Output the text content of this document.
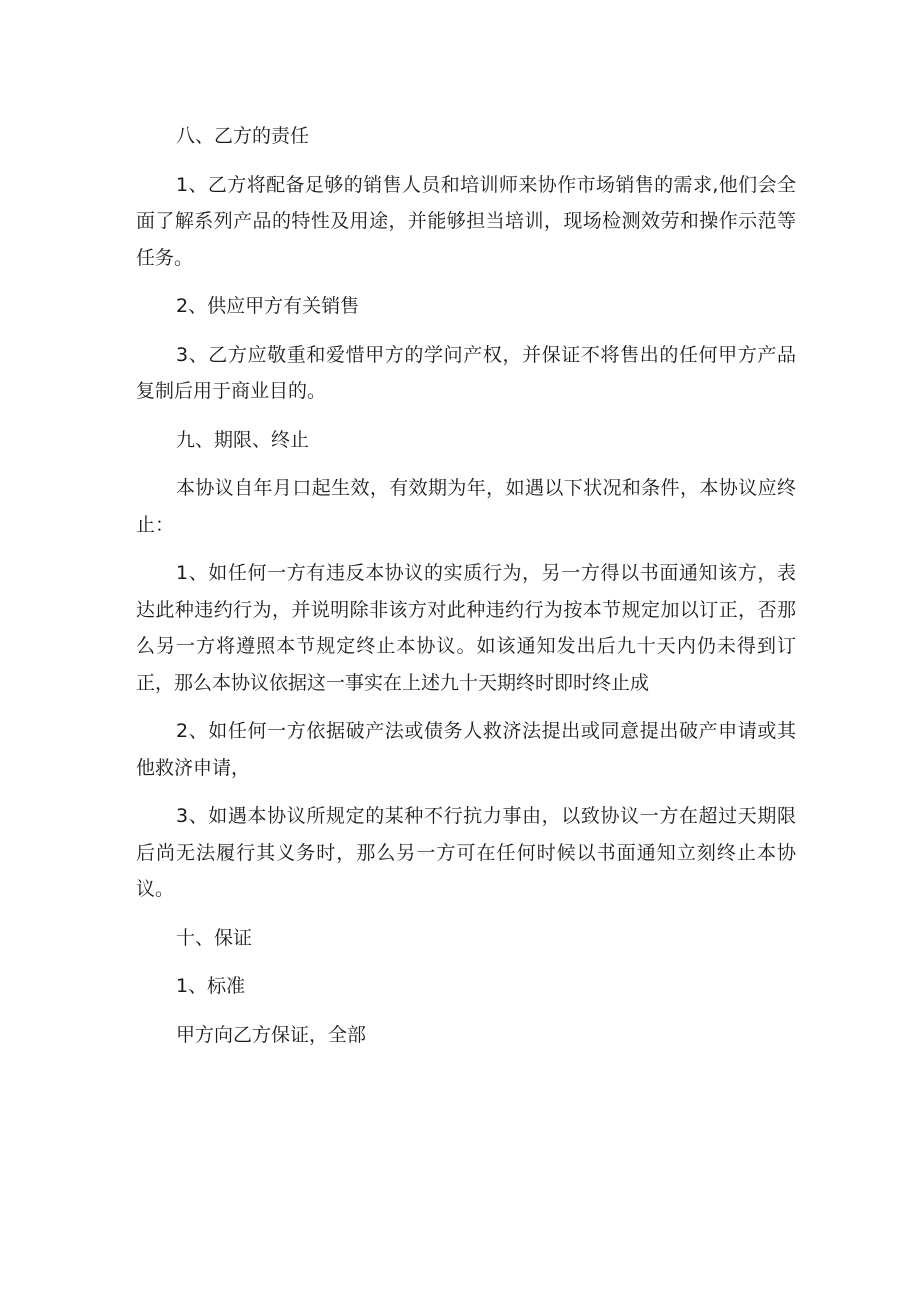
八、乙方的责任

1、乙方将配备足够的销售人员和培训师来协作市场销售的需求,他们会全面了解系列产品的特性及用途，并能够担当培训，现场检测效劳和操作示范等任务。

2、供应甲方有关销售

3、乙方应敬重和爱惜甲方的学问产权，并保证不将售出的任何甲方产品复制后用于商业目的。

九、期限、终止

本协议自年月口起生效，有效期为年，如遇以下状况和条件，本协议应终止：

1、如任何一方有违反本协议的实质行为，另一方得以书面通知该方，表达此种违约行为，并说明除非该方对此种违约行为按本节规定加以订正，否那么另一方将遵照本节规定终止本协议。如该通知发出后九十天内仍未得到订正，那么本协议依据这一事实在上述九十天期终时即时终止成

2、如任何一方依据破产法或债务人救济法提出或同意提出破产申请或其他救济申请，

3、如遇本协议所规定的某种不行抗力事由，以致协议一方在超过天期限后尚无法履行其义务时，那么另一方可在任何时候以书面通知立刻终止本协议。

十、保证

1、标准

甲方向乙方保证，全部
